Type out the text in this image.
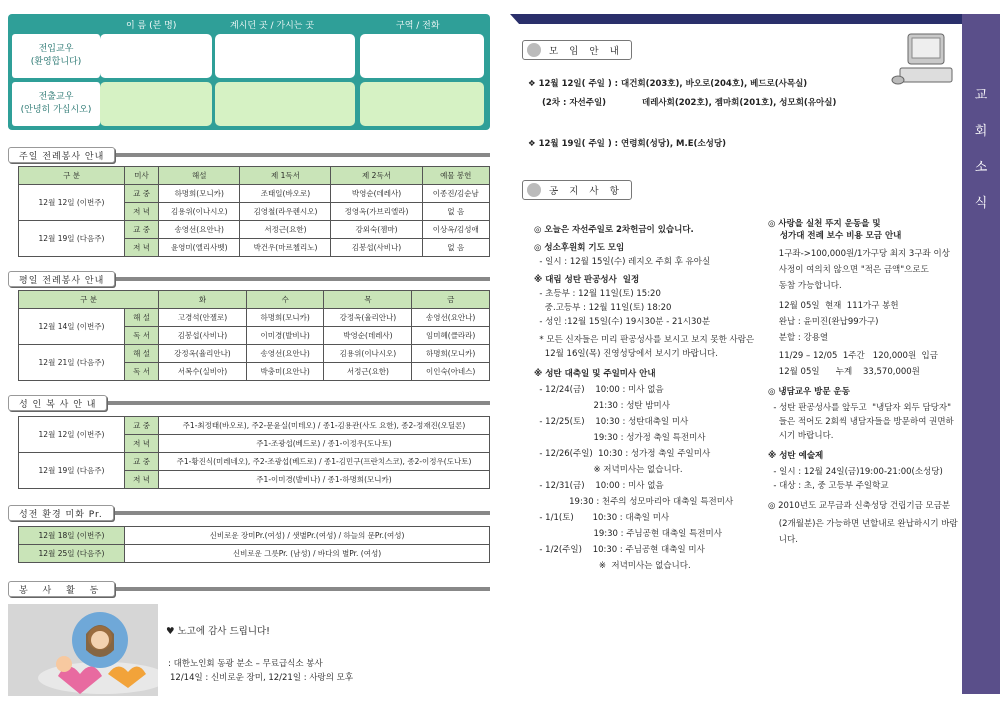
이 름 (본 명)	계시던 곳 / 가시는 곳	구역 / 전화
전입교우
(환영합니다)
전출교우
(안녕히 가십시오)
주일 전례봉사 안내
구 분	미사	해설	제 1독서	제 2독서	예물 봉헌
12월 12일 (이번주)	교 중	하명희(모니카)	조태일(바오로)	박영순(데레사)	이종진/김순남
	저 녁	김용위(이나시오)	김영철(라우렌시오)	정영옥(가브리엘라)	없 음
12월 19일 (다음주)	교 중	송영선(요안나)	서정근(요한)	강외숙(젬마)	이상옥/김성애
	저 녁	윤영미(엘리사벳)	박건우(마르첼리노)	김봉섭(사비나)	없 음
평일 전례봉사 안내
구 분		화	수	목	금
12월 14일 (이번주)	해 설	고경석(안젤로)	하명희(모니카)	강정옥(율리안나)	송영선(요안나)
	독 서	김봉섭(사비나)	이미경(발비나)	박영순(데레사)	임미혜(클라라)
12월 21일 (다음주)	해 설	강정옥(율리안나)	송영선(요안나)	김용위(이나시오)	하명희(모니카)
	독 서	서복수(실비아)	박충미(요안나)	서정근(요한)	이인숙(아네스)
성 인 복 사 안 내
12월 12일 (이번주)	교 중	주1-최정태(바오로), 주2-문윤실(미테오) / 종1-김용관(사도 요한), 종2-정재진(오딜론)
	저 녁	주1-조광섭(베드로) / 종1-이정우(도나토)
12월 19일 (다음주)	교 중	주1-황진식(미레네오), 주2-조광섭(베드로) / 종1-김민구(프란치스코), 종2-이정우(도나토)
	저 녁	주1-이미경(발비나) / 종1-하명희(모니카)
성전 환경 미화 Pr.
12월 18일 (이번주)	신비로운 장미Pr.(여성) / 샛별Pr.(여성) / 하늘의 문Pr.(여성)
12월 25일 (다음주)	신비로운 그릇Pr. (남성) / 바다의 별Pr. (여성)
봉 사 활 동
♥ 노고에 감사 드립니다!
: 대한노인회 동광 분소 – 무료급식소 봉사
12/14일 : 신비로운 장미, 12/21일 : 사랑의 모후
교
회
소
식
모 임 안 내
❖ 12월 12일( 주일 ) : 대건회(203호), 바오로(204호), 베드로(사목실)
(2차 : 자선주일)	데레사회(202호), 젬마회(201호), 성모회(유아실)
❖ 12월 19일( 주일 ) : 연령회(성당), M.E(소성당)
공 지 사 항
◎ 오늘은 자선주일로 2차헌금이 있습니다.
◎ 성소후원회 기도 모임
- 일시 : 12월 15일(수) 레지오 주회 후 유아실
※ 대림 성탄 판공성사  일정
- 초등부 : 12월 11일(토) 15:20
중.고등부 : 12월 11일(토) 18:20
- 성인 :12월 15일(수) 19시30분 - 21시30분
* 모든 신자들은 미리 판공성사를 보시고 보지 못한 사람은
12월 16일(목) 진영성당에서 보시기 바랍니다.
※ 성탄 대축일 및 주일미사 안내
- 12/24(금)    10:00 : 미사 없음
21:30 : 성탄 밤미사
- 12/25(토)    10:30 : 성탄대축일 미사
19:30 : 성가정 축일 특전미사
- 12/26(주일)  10:30 : 성가정 축일 주일미사
※ 저녁미사는 없습니다.
- 12/31(금)    10:00 : 미사 없음
19:30 : 천주의 성모마리아 대축일 특전미사
- 1/1(토)       10:30 : 대축일 미사
19:30 : 주님공현 대축일 특전미사
- 1/2(주일)    10:30 : 주님공현 대축일 미사
※  저녁미사는 없습니다.
◎ 사랑을 실천 뚜지 운동을 및
성가대 전례 보수 비용 모금 안내
1구좌->100,000원/1가구당 최지 3구좌 이상
사정이 여의치 않으면 "적은 금액"으로도
동참 가능합니다.
12월 05일  현재  111가구 봉헌
완납 : 윤미진(완납99가구)
분할 : 강용열
11/29 – 12/05  1주간   120,000원  입금
12월 05일      누계    33,570,000원
◎ 냉담교우 방문 운동
- 성탄 판공성사를 앞두고  "냉담자 외두 담당자"
들은 적어도 2회씩 냉담자들을 방문하여 권면하
시기 바랍니다.
※ 성탄 예술제
- 일시 : 12월 24일(금)19:00-21:00(소성당)
- 대상 : 초, 중 고등부 주일학교
◎ 2010년도 교무금과 신축성당 건립기금 모금분
(2개월분)은 가능하면 년할내로 완납하시기 바람
니다.
